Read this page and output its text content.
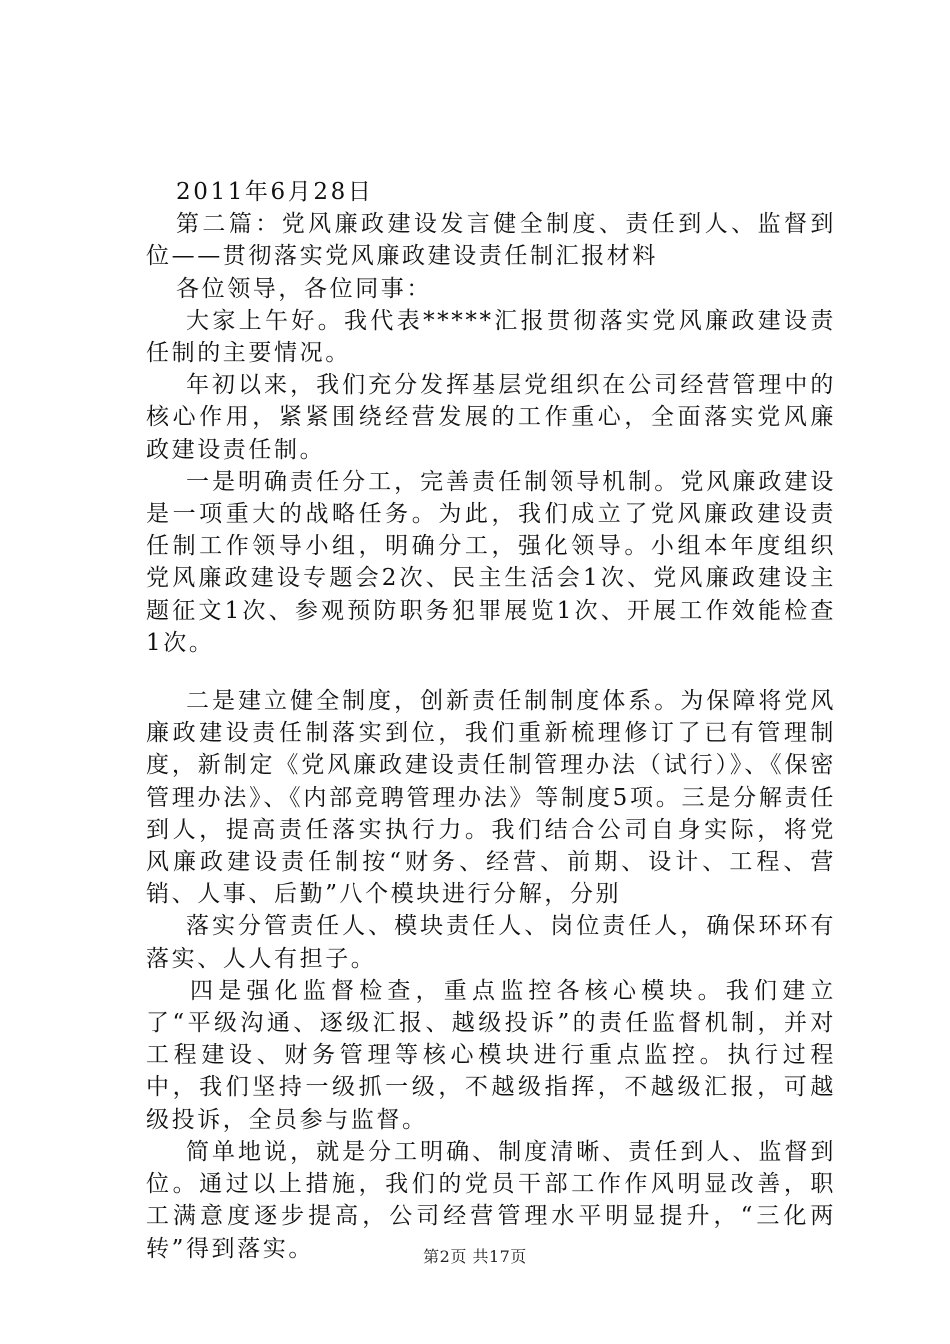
2011年6月28日

第二篇：党风廉政建设发言健全制度、责任到人、监督到位——贯彻落实党风廉政建设责任制汇报材料

各位领导，各位同事：

大家上午好。我代表*****汇报贯彻落实党风廉政建设责任制的主要情况。

年初以来，我们充分发挥基层党组织在公司经营管理中的核心作用，紧紧围绕经营发展的工作重心，全面落实党风廉政建设责任制。

一是明确责任分工，完善责任制领导机制。党风廉政建设是一项重大的战略任务。为此，我们成立了党风廉政建设责任制工作领导小组，明确分工，强化领导。小组本年度组织党风廉政建设专题会2次、民主生活会1次、党风廉政建设主题征文1次、参观预防职务犯罪展览1次、开展工作效能检查1次。

二是建立健全制度，创新责任制制度体系。为保障将党风廉政建设责任制落实到位，我们重新梳理修订了已有管理制度，新制定《党风廉政建设责任制管理办法（试行）》、《保密管理办法》、《内部竞聘管理办法》等制度5项。三是分解责任到人，提高责任落实执行力。我们结合公司自身实际，将党风廉政建设责任制按“财务、经营、前期、设计、工程、营销、人事、后勤”八个模块进行分解，分别

落实分管责任人、模块责任人、岗位责任人，确保环环有落实、人人有担子。

四是强化监督检查，重点监控各核心模块。我们建立了“平级沟通、逐级汇报、越级投诉”的责任监督机制，并对工程建设、财务管理等核心模块进行重点监控。执行过程中，我们坚持一级抓一级，不越级指挥，不越级汇报，可越级投诉，全员参与监督。

简单地说，就是分工明确、制度清晰、责任到人、监督到位。通过以上措施，我们的党员干部工作作风明显改善，职工满意度逐步提高，公司经营管理水平明显提升，“三化两转”得到落实。	第2页 共17页
